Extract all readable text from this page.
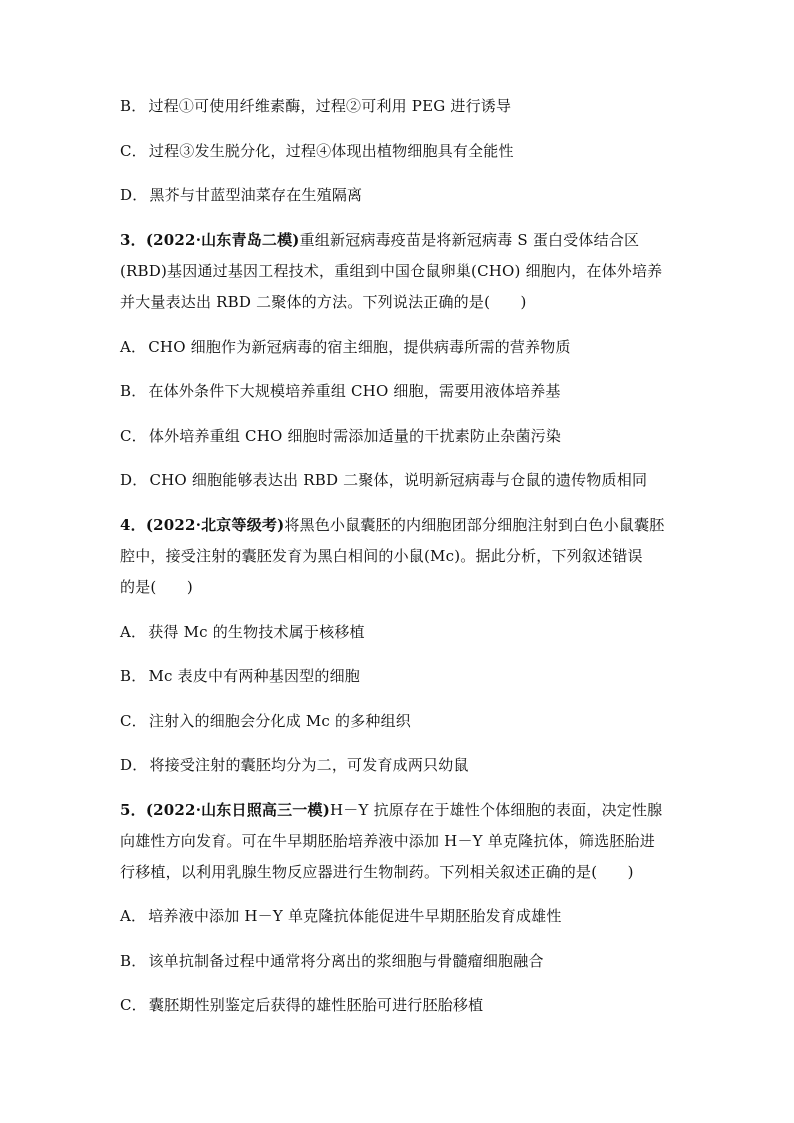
B． 过程①可使用纤维素酶，过程②可利用 PEG 进行诱导
C． 过程③发生脱分化，过程④体现出植物细胞具有全能性
D． 黑芥与甘蓝型油菜存在生殖隔离
3．(2022·山东青岛二模)重组新冠病毒疫苗是将新冠病毒 S 蛋白受体结合区
(RBD)基因通过基因工程技术，重组到中国仓鼠卵巢(CHO) 细胞内，在体外培养
并大量表达出 RBD 二聚体的方法。下列说法正确的是(　　)
A． CHO 细胞作为新冠病毒的宿主细胞，提供病毒所需的营养物质
B． 在体外条件下大规模培养重组 CHO 细胞，需要用液体培养基
C． 体外培养重组 CHO 细胞时需添加适量的干扰素防止杂菌污染
D． CHO 细胞能够表达出 RBD 二聚体，说明新冠病毒与仓鼠的遗传物质相同
4．(2022·北京等级考)将黑色小鼠囊胚的内细胞团部分细胞注射到白色小鼠囊胚
腔中，接受注射的囊胚发育为黑白相间的小鼠(Mc)。据此分析，下列叙述错误
的是(　　)
A． 获得 Mc 的生物技术属于核移植
B． Mc 表皮中有两种基因型的细胞
C． 注射入的细胞会分化成 Mc 的多种组织
D． 将接受注射的囊胚均分为二，可发育成两只幼鼠
5．(2022·山东日照高三一模)H－Y 抗原存在于雄性个体细胞的表面，决定性腺
向雄性方向发育。可在牛早期胚胎培养液中添加 H－Y 单克隆抗体，筛选胚胎进
行移植，以利用乳腺生物反应器进行生物制药。下列相关叙述正确的是(　　)
A． 培养液中添加 H－Y 单克隆抗体能促进牛早期胚胎发育成雄性
B． 该单抗制备过程中通常将分离出的浆细胞与骨髓瘤细胞融合
C． 囊胚期性别鉴定后获得的雄性胚胎可进行胚胎移植
